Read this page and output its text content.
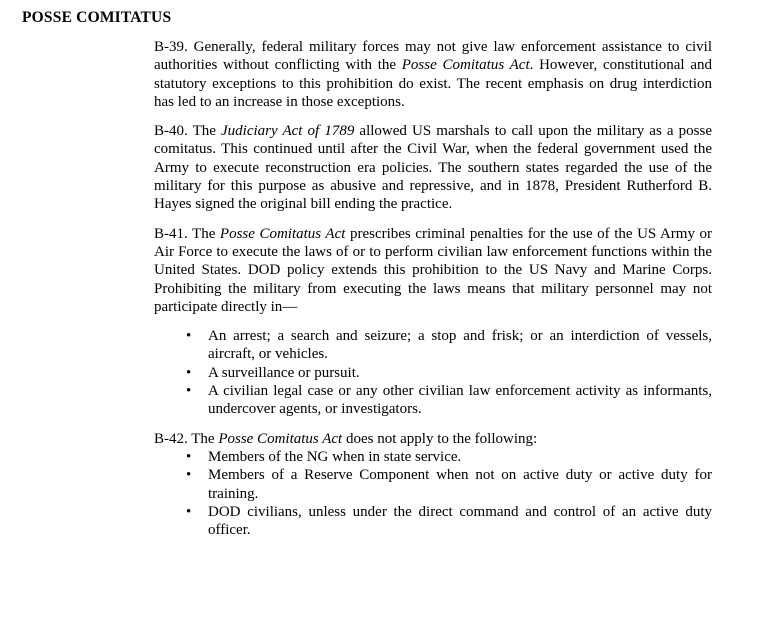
POSSE COMITATUS

B-39. Generally, federal military forces may not give law enforcement assistance to civil authorities without conflicting with the Posse Comitatus Act. However, constitutional and statutory exceptions to this prohibition do exist. The recent emphasis on drug interdiction has led to an increase in those exceptions.

B-40. The Judiciary Act of 1789 allowed US marshals to call upon the military as a posse comitatus. This continued until after the Civil War, when the federal government used the Army to execute reconstruction era policies. The southern states regarded the use of the military for this purpose as abusive and repressive, and in 1878, President Rutherford B. Hayes signed the original bill ending the practice.

B-41. The Posse Comitatus Act prescribes criminal penalties for the use of the US Army or Air Force to execute the laws of or to perform civilian law enforcement functions within the United States. DOD policy extends this prohibition to the US Navy and Marine Corps. Prohibiting the military from executing the laws means that military personnel may not participate directly in—

• An arrest; a search and seizure; a stop and frisk; or an interdiction of vessels, aircraft, or vehicles.
• A surveillance or pursuit.
• A civilian legal case or any other civilian law enforcement activity as informants, undercover agents, or investigators.

B-42. The Posse Comitatus Act does not apply to the following:

• Members of the NG when in state service.
• Members of a Reserve Component when not on active duty or active duty for training.
• DOD civilians, unless under the direct command and control of an active duty officer.
